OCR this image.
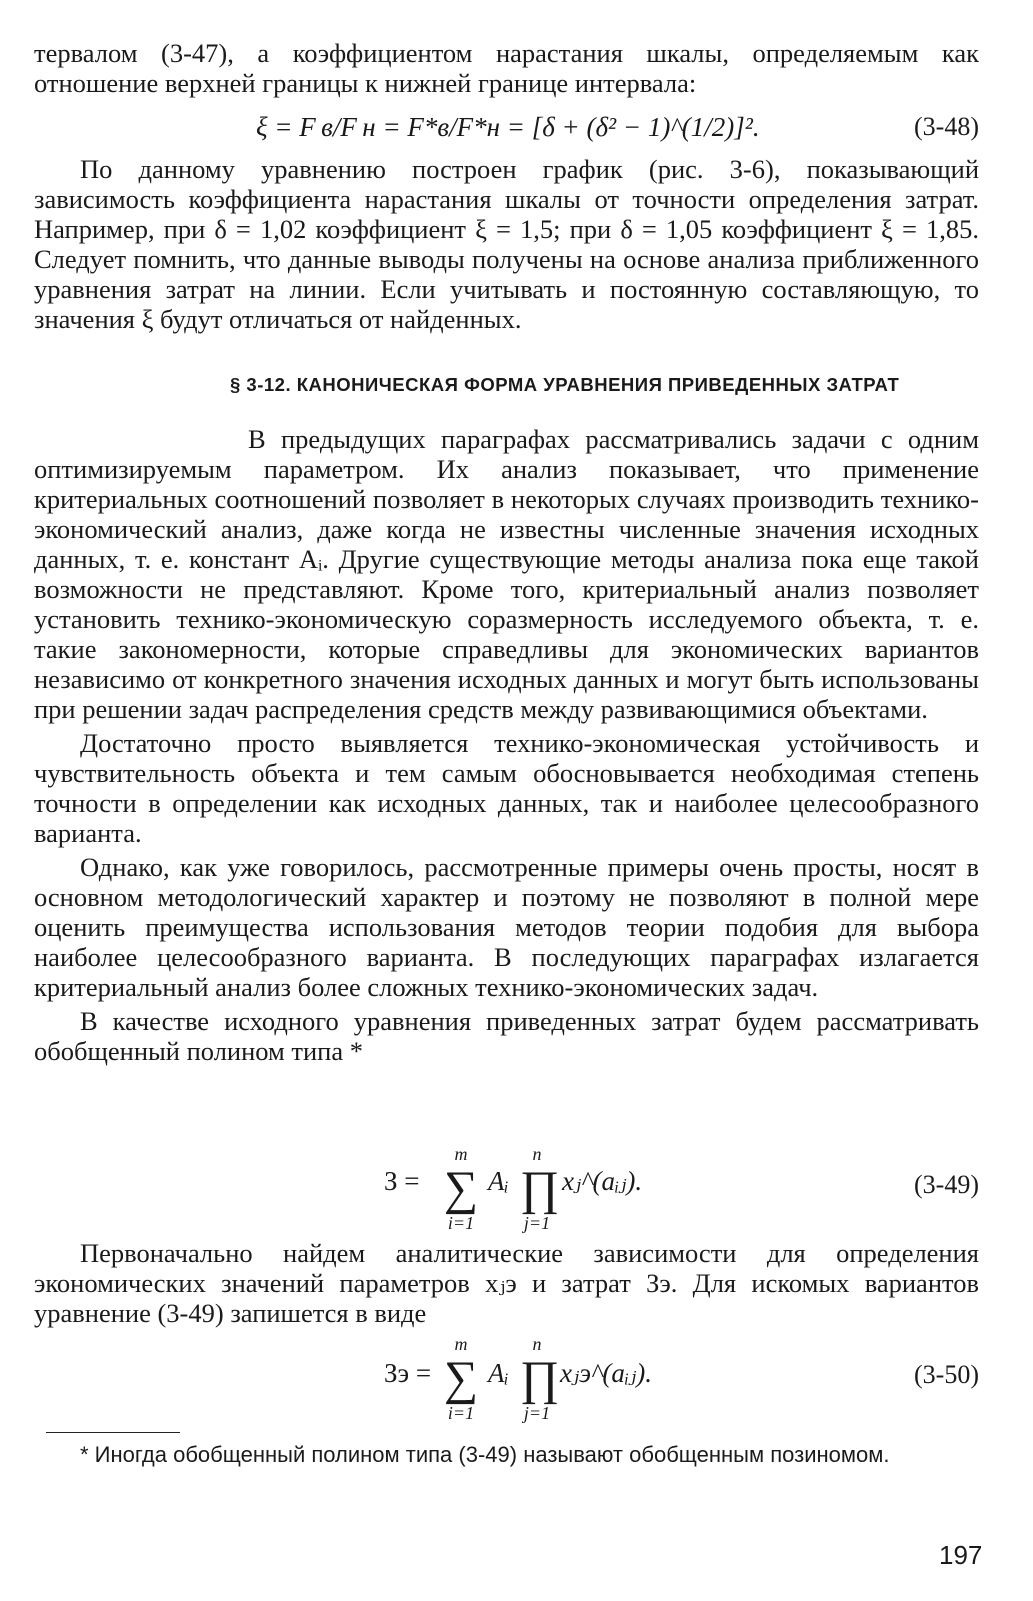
тервалом (3-47), а коэффициентом нарастания шкалы, определяемым как отношение верхней границы к нижней границе интервала:

ξ = F в/F н = F*в/F*н = [δ + (δ² − 1)^(1/2)]².	(3-48)

По данному уравнению построен график (рис. 3-6), показывающий зависимость коэффициента нарастания шкалы от точности определения затрат. Например, при δ = 1,02 коэффициент ξ = 1,5; при δ = 1,05 коэффициент ξ = 1,85. Следует помнить, что данные выводы получены на основе анализа приближенного уравнения затрат на линии. Если учитывать и постоянную составляющую, то значения ξ будут отличаться от найденных.

§ 3-12. КАНОНИЧЕСКАЯ ФОРМА УРАВНЕНИЯ ПРИВЕДЕННЫХ ЗАТРАТ

В предыдущих параграфах рассматривались задачи с одним оптимизируемым параметром. Их анализ показывает, что применение критериальных соотношений позволяет в некоторых случаях производить технико-экономический анализ, даже когда не известны численные значения исходных данных, т. е. констант Aᵢ. Другие существующие методы анализа пока еще такой возможности не представляют. Кроме того, критериальный анализ позволяет установить технико-экономическую соразмерность исследуемого объекта, т. е. такие закономерности, которые справедливы для экономических вариантов независимо от конкретного значения исходных данных и могут быть использованы при решении задач распределения средств между развивающимися объектами.

Достаточно просто выявляется технико-экономическая устойчивость и чувствительность объекта и тем самым обосновывается необходимая степень точности в определении как исходных данных, так и наиболее целесообразного варианта.

Однако, как уже говорилось, рассмотренные примеры очень просты, носят в основном методологический характер и поэтому не позволяют в полной мере оценить преимущества использования методов теории подобия для выбора наиболее целесообразного варианта. В последующих параграфах излагается критериальный анализ более сложных технико-экономических задач.

В качестве исходного уравнения приведенных затрат будем рассматривать обобщенный полином типа *

З =
m
∑
i=1
Aᵢ
n
∏
j=1
xⱼ^(aᵢⱼ).	(3-49)

Первоначально найдем аналитические зависимости для определения экономических значений параметров xⱼэ и затрат Зэ. Для искомых вариантов уравнение (3-49) запишется в виде

Зэ =
m
∑
i=1
Aᵢ
n
∏
j=1
xⱼэ^(aᵢⱼ).	(3-50)

* Иногда обобщенный полином типа (3-49) называют обобщенным позиномом.

197
